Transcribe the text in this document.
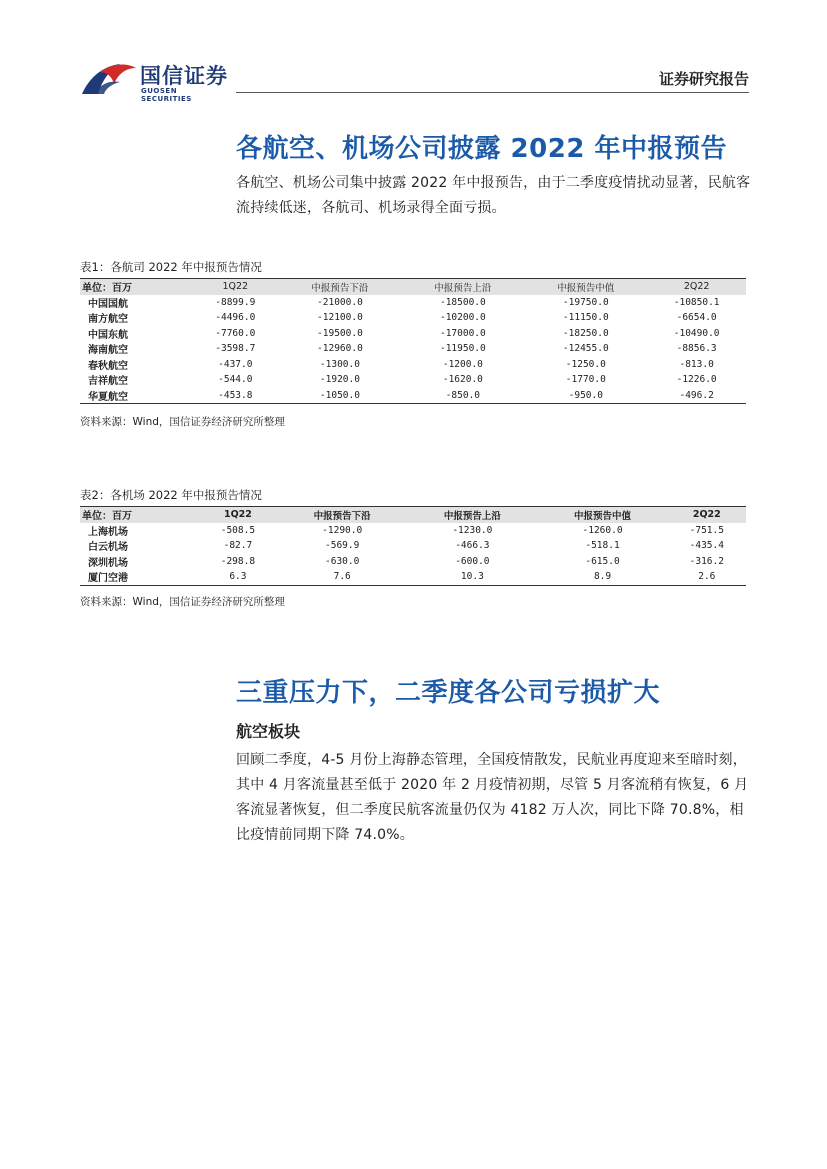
国信证券
GUOSEN SECURITIES
证券研究报告
各航空、机场公司披露 2022 年中报预告
各航空、机场公司集中披露 2022 年中报预告，由于二季度疫情扰动显著，民航客流持续低迷，各航司、机场录得全面亏损。
表1：各航司 2022 年中报预告情况
单位：百万	1Q22	中报预告下沿	中报预告上沿	中报预告中值	2Q22
中国国航	-8899.9	-21000.0	-18500.0	-19750.0	-10850.1
南方航空	-4496.0	-12100.0	-10200.0	-11150.0	-6654.0
中国东航	-7760.0	-19500.0	-17000.0	-18250.0	-10490.0
海南航空	-3598.7	-12960.0	-11950.0	-12455.0	-8856.3
春秋航空	-437.0	-1300.0	-1200.0	-1250.0	-813.0
吉祥航空	-544.0	-1920.0	-1620.0	-1770.0	-1226.0
华夏航空	-453.8	-1050.0	-850.0	-950.0	-496.2
资料来源：Wind，国信证券经济研究所整理
表2：各机场 2022 年中报预告情况
单位：百万	1Q22	中报预告下沿	中报预告上沿	中报预告中值	2Q22
上海机场	-508.5	-1290.0	-1230.0	-1260.0	-751.5
白云机场	-82.7	-569.9	-466.3	-518.1	-435.4
深圳机场	-298.8	-630.0	-600.0	-615.0	-316.2
厦门空港	6.3	7.6	10.3	8.9	2.6
资料来源：Wind，国信证券经济研究所整理
三重压力下，二季度各公司亏损扩大
航空板块
回顾二季度，4-5 月份上海静态管理，全国疫情散发，民航业再度迎来至暗时刻，其中 4 月客流量甚至低于 2020 年 2 月疫情初期，尽管 5 月客流稍有恢复，6 月客流显著恢复，但二季度民航客流量仍仅为 4182 万人次，同比下降 70.8%，相比疫情前同期下降 74.0%。
